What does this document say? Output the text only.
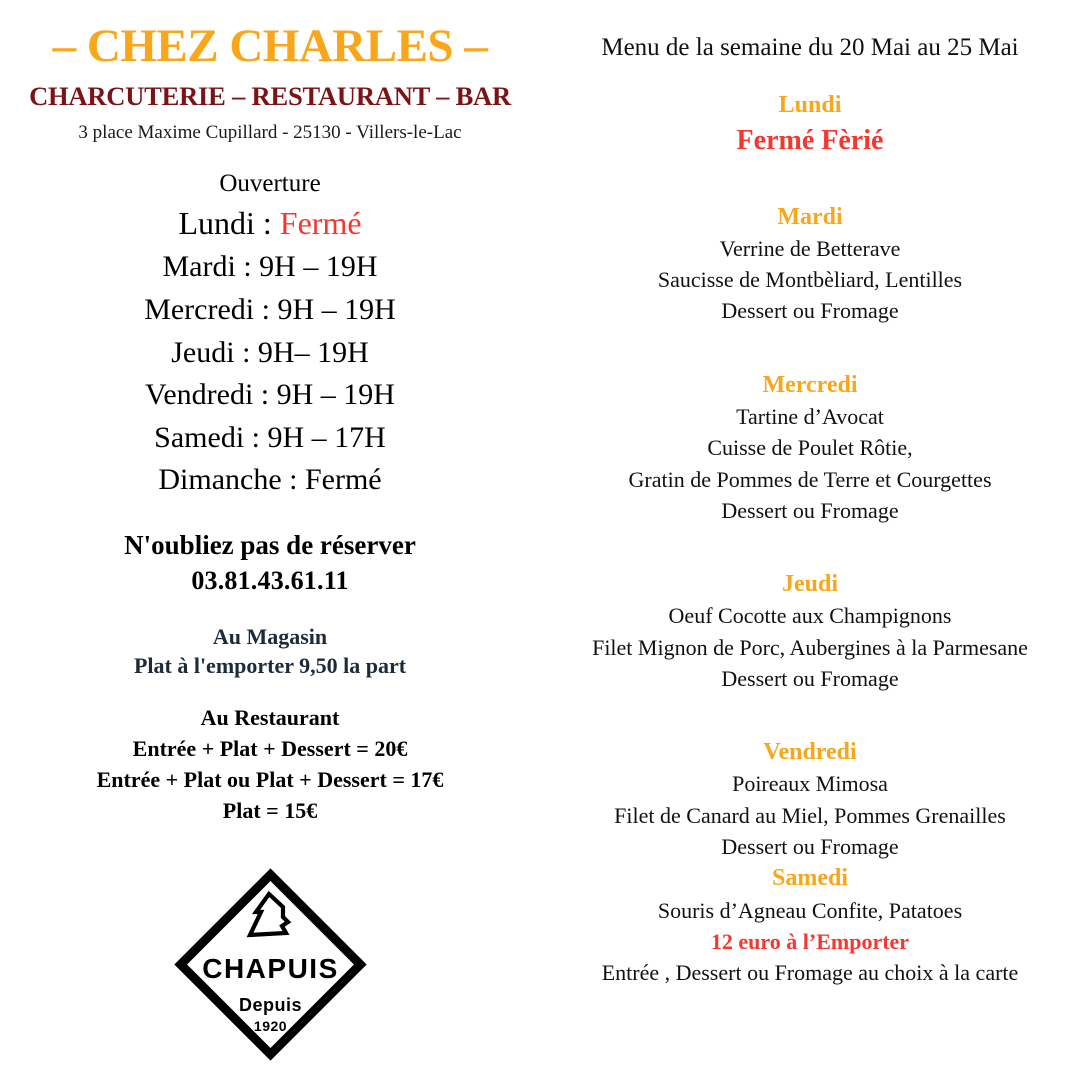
– CHEZ CHARLES –
CHARCUTERIE – RESTAURANT – BAR

3 place Maxime Cupillard - 25130 - Villers-le-Lac

Ouverture

Lundi : Fermé

Mardi : 9H – 19H

Mercredi : 9H – 19H

Jeudi : 9H– 19H

Vendredi : 9H – 19H

Samedi : 9H – 17H

Dimanche : Fermé

N'oubliez pas de réserver

03.81.43.61.11

Au Magasin

Plat à l'emporter 9,50 la part

Au Restaurant

Entrée + Plat + Dessert = 20€

Entrée + Plat ou Plat + Dessert = 17€

Plat = 15€

CHAPUIS
Depuis
1920

Menu de la semaine du 20 Mai au 25 Mai

Lundi

Fermé Fèrié

Mardi

Verrine de Betterave

Saucisse de Montbèliard, Lentilles

Dessert ou Fromage

Mercredi

Tartine d’Avocat

Cuisse de Poulet Rôtie,

Gratin de Pommes de Terre et Courgettes

Dessert ou Fromage

Jeudi

Oeuf Cocotte aux Champignons

Filet Mignon de Porc, Aubergines à la Parmesane

Dessert ou Fromage

Vendredi

Poireaux Mimosa

Filet de Canard au Miel, Pommes Grenailles

Dessert ou Fromage

Samedi

Souris d’Agneau Confite, Patatoes

12 euro à l’Emporter

Entrée , Dessert ou Fromage au choix à la carte
